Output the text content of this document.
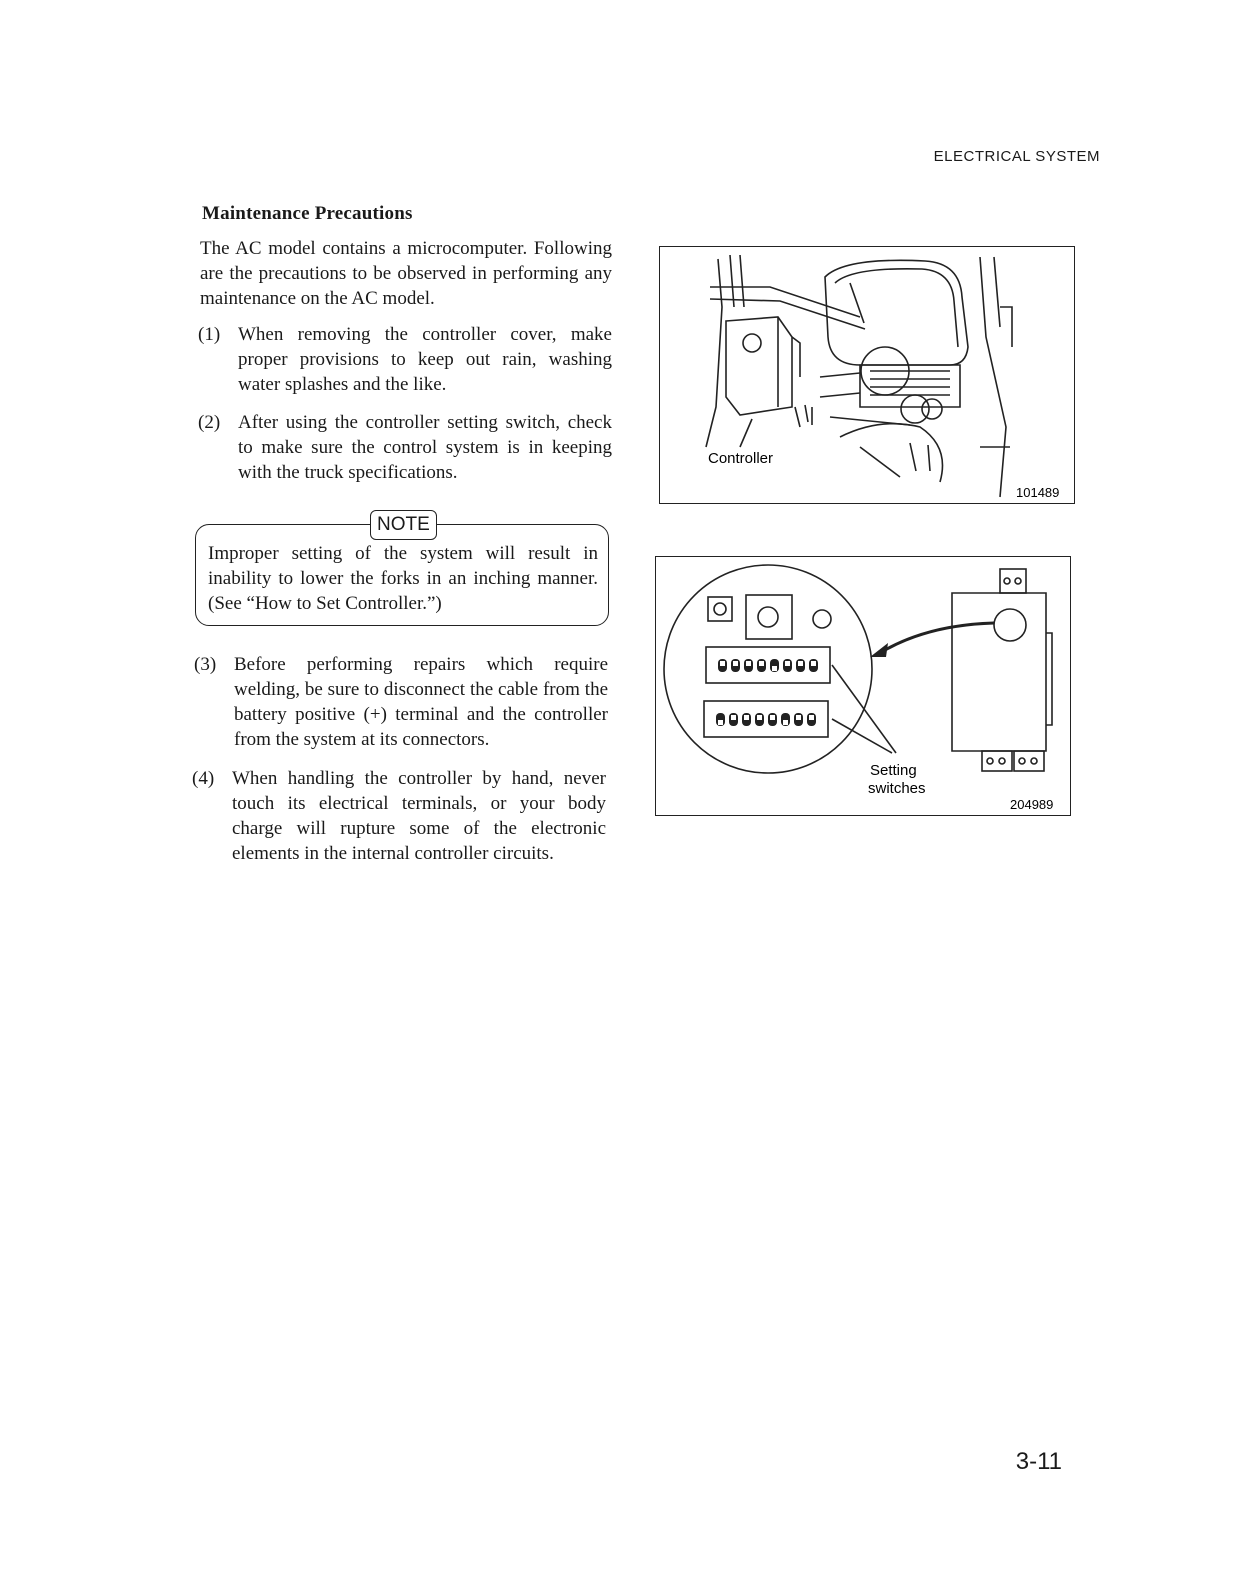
ELECTRICAL SYSTEM
Maintenance Precautions
The AC model contains a microcomputer. Following are the precautions to be observed in performing any maintenance on the AC model.
(1) When removing the controller cover, make proper provisions to keep out rain, washing water splashes and the like.
(2) After using the controller setting switch, check to make sure the control system is in keeping with the truck specifications.
NOTE
Improper setting of the system will result in inability to lower the forks in an inching manner. (See “How to Set Controller.”)
(3) Before performing repairs which require welding, be sure to disconnect the cable from the battery positive (+) terminal and the controller from the system at its connectors.
(4) When handling the controller by hand, never touch its electrical terminals, or your body charge will rupture some of the electronic elements in the internal controller circuits.
Controller
101489
Setting
switches
204989
3-11
